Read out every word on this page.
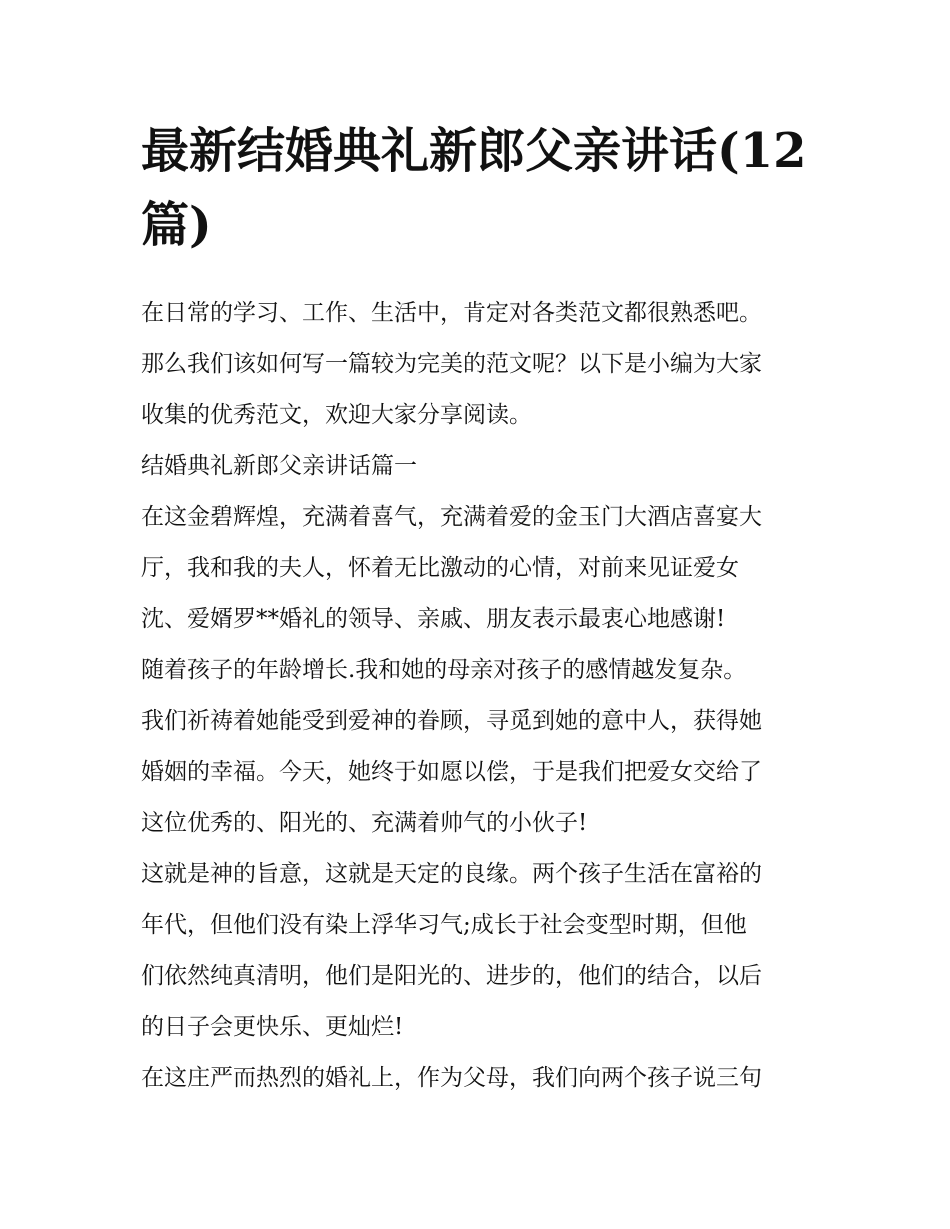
最新结婚典礼新郎父亲讲话(12篇)
在日常的学习、工作、生活中，肯定对各类范文都很熟悉吧。
那么我们该如何写一篇较为完美的范文呢？以下是小编为大家
收集的优秀范文，欢迎大家分享阅读。
结婚典礼新郎父亲讲话篇一
在这金碧辉煌，充满着喜气，充满着爱的金玉门大酒店喜宴大
厅，我和我的夫人，怀着无比激动的心情，对前来见证爱女
沈、爱婿罗**婚礼的领导、亲戚、朋友表示最衷心地感谢!
随着孩子的年龄增长.我和她的母亲对孩子的感情越发复杂。
我们祈祷着她能受到爱神的眷顾，寻觅到她的意中人，获得她
婚姻的幸福。今天，她终于如愿以偿，于是我们把爱女交给了
这位优秀的、阳光的、充满着帅气的小伙子!
这就是神的旨意，这就是天定的良缘。两个孩子生活在富裕的
年代，但他们没有染上浮华习气;成长于社会变型时期，但他
们依然纯真清明，他们是阳光的、进步的，他们的结合，以后
的日子会更快乐、更灿烂!
在这庄严而热烈的婚礼上，作为父母，我们向两个孩子说三句
